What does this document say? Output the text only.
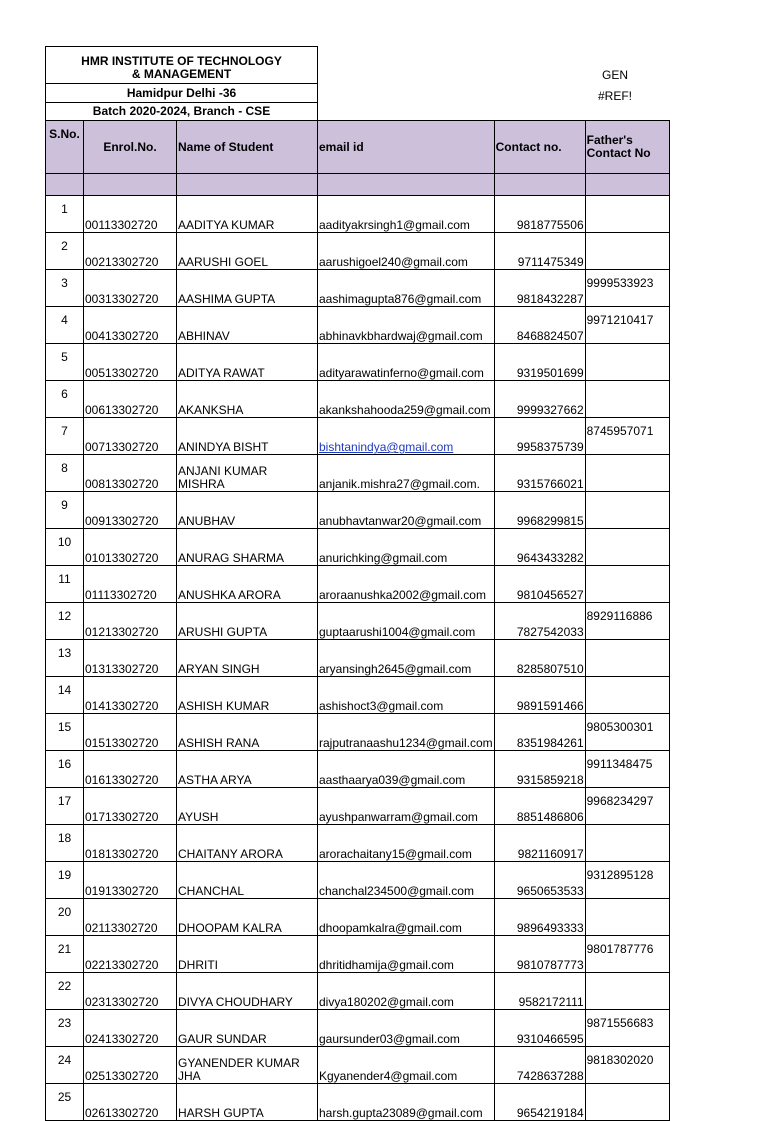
HMR INSTITUTE OF TECHNOLOGY
& MANAGEMENT
Hamidpur Delhi -36
Batch 2020-2024, Branch - CSE
GEN
#REF!
S.No.	Enrol.No.	Name of Student	email id	Contact no.	Father's Contact No

1	00113302720	AADITYA KUMAR	aadityakrsingh1@gmail.com	9818775506	
2	00213302720	AARUSHI GOEL	aarushigoel240@gmail.com	9711475349	
3	00313302720	AASHIMA GUPTA	aashimagupta876@gmail.com	9818432287	9999533923
4	00413302720	ABHINAV	abhinavkbhardwaj@gmail.com	8468824507	9971210417
5	00513302720	ADITYA RAWAT	adityarawatinferno@gmail.com	9319501699	
6	00613302720	AKANKSHA	akankshahooda259@gmail.com	9999327662	
7	00713302720	ANINDYA BISHT	bishtanindya@gmail.com	9958375739	8745957071
8	00813302720	ANJANI KUMAR MISHRA	anjanik.mishra27@gmail.com.	9315766021	
9	00913302720	ANUBHAV	anubhavtanwar20@gmail.com	9968299815	
10	01013302720	ANURAG SHARMA	anurichking@gmail.com	9643433282	
11	01113302720	ANUSHKA ARORA	aroraanushka2002@gmail.com	9810456527	
12	01213302720	ARUSHI GUPTA	guptaarushi1004@gmail.com	7827542033	8929116886
13	01313302720	ARYAN SINGH	aryansingh2645@gmail.com	8285807510	
14	01413302720	ASHISH KUMAR	ashishoct3@gmail.com	9891591466	
15	01513302720	ASHISH RANA	rajputranaashu1234@gmail.com	8351984261	9805300301
16	01613302720	ASTHA ARYA	aasthaarya039@gmail.com	9315859218	9911348475
17	01713302720	AYUSH	ayushpanwarram@gmail.com	8851486806	9968234297
18	01813302720	CHAITANY ARORA	arorachaitany15@gmail.com	9821160917	
19	01913302720	CHANCHAL	chanchal234500@gmail.com	9650653533	9312895128
20	02113302720	DHOOPAM KALRA	dhoopamkalra@gmail.com	9896493333	
21	02213302720	DHRITI	dhritidhamija@gmail.com	9810787773	9801787776
22	02313302720	DIVYA CHOUDHARY	divya180202@gmail.com	9582172111	
23	02413302720	GAUR SUNDAR	gaursunder03@gmail.com	9310466595	9871556683
24	02513302720	GYANENDER KUMAR JHA	Kgyanender4@gmail.com	7428637288	9818302020
25	02613302720	HARSH GUPTA	harsh.gupta23089@gmail.com	9654219184	
